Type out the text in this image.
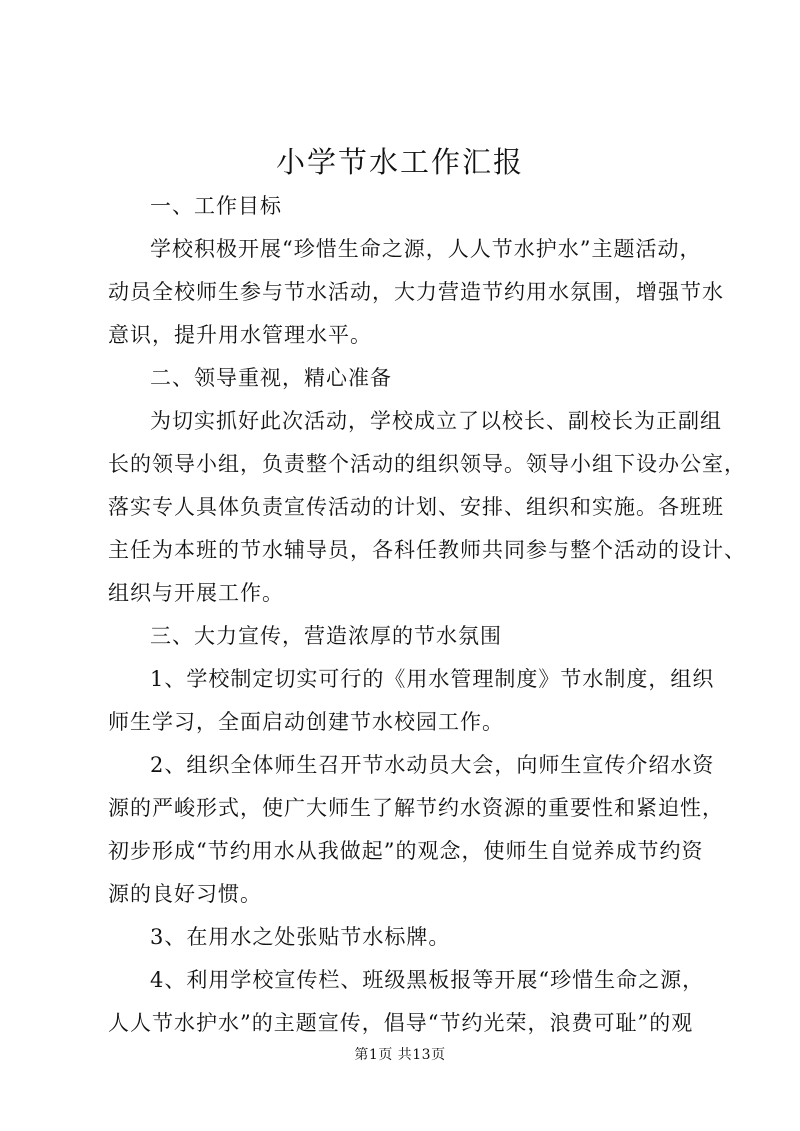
小学节水工作汇报
一、工作目标
学校积极开展“珍惜生命之源，人人节水护水”主题活动，
动员全校师生参与节水活动，大力营造节约用水氛围，增强节水
意识，提升用水管理水平。
二、领导重视，精心准备
为切实抓好此次活动，学校成立了以校长、副校长为正副组
长的领导小组，负责整个活动的组织领导。领导小组下设办公室，
落实专人具体负责宣传活动的计划、安排、组织和实施。各班班
主任为本班的节水辅导员，各科任教师共同参与整个活动的设计、
组织与开展工作。
三、大力宣传，营造浓厚的节水氛围
1、学校制定切实可行的《用水管理制度》节水制度，组织
师生学习，全面启动创建节水校园工作。
2、组织全体师生召开节水动员大会，向师生宣传介绍水资
源的严峻形式，使广大师生了解节约水资源的重要性和紧迫性，
初步形成“节约用水从我做起”的观念，使师生自觉养成节约资
源的良好习惯。
3、在用水之处张贴节水标牌。
4、利用学校宣传栏、班级黑板报等开展“珍惜生命之源，
人人节水护水”的主题宣传，倡导“节约光荣，浪费可耻”的观
第1页 共13页
